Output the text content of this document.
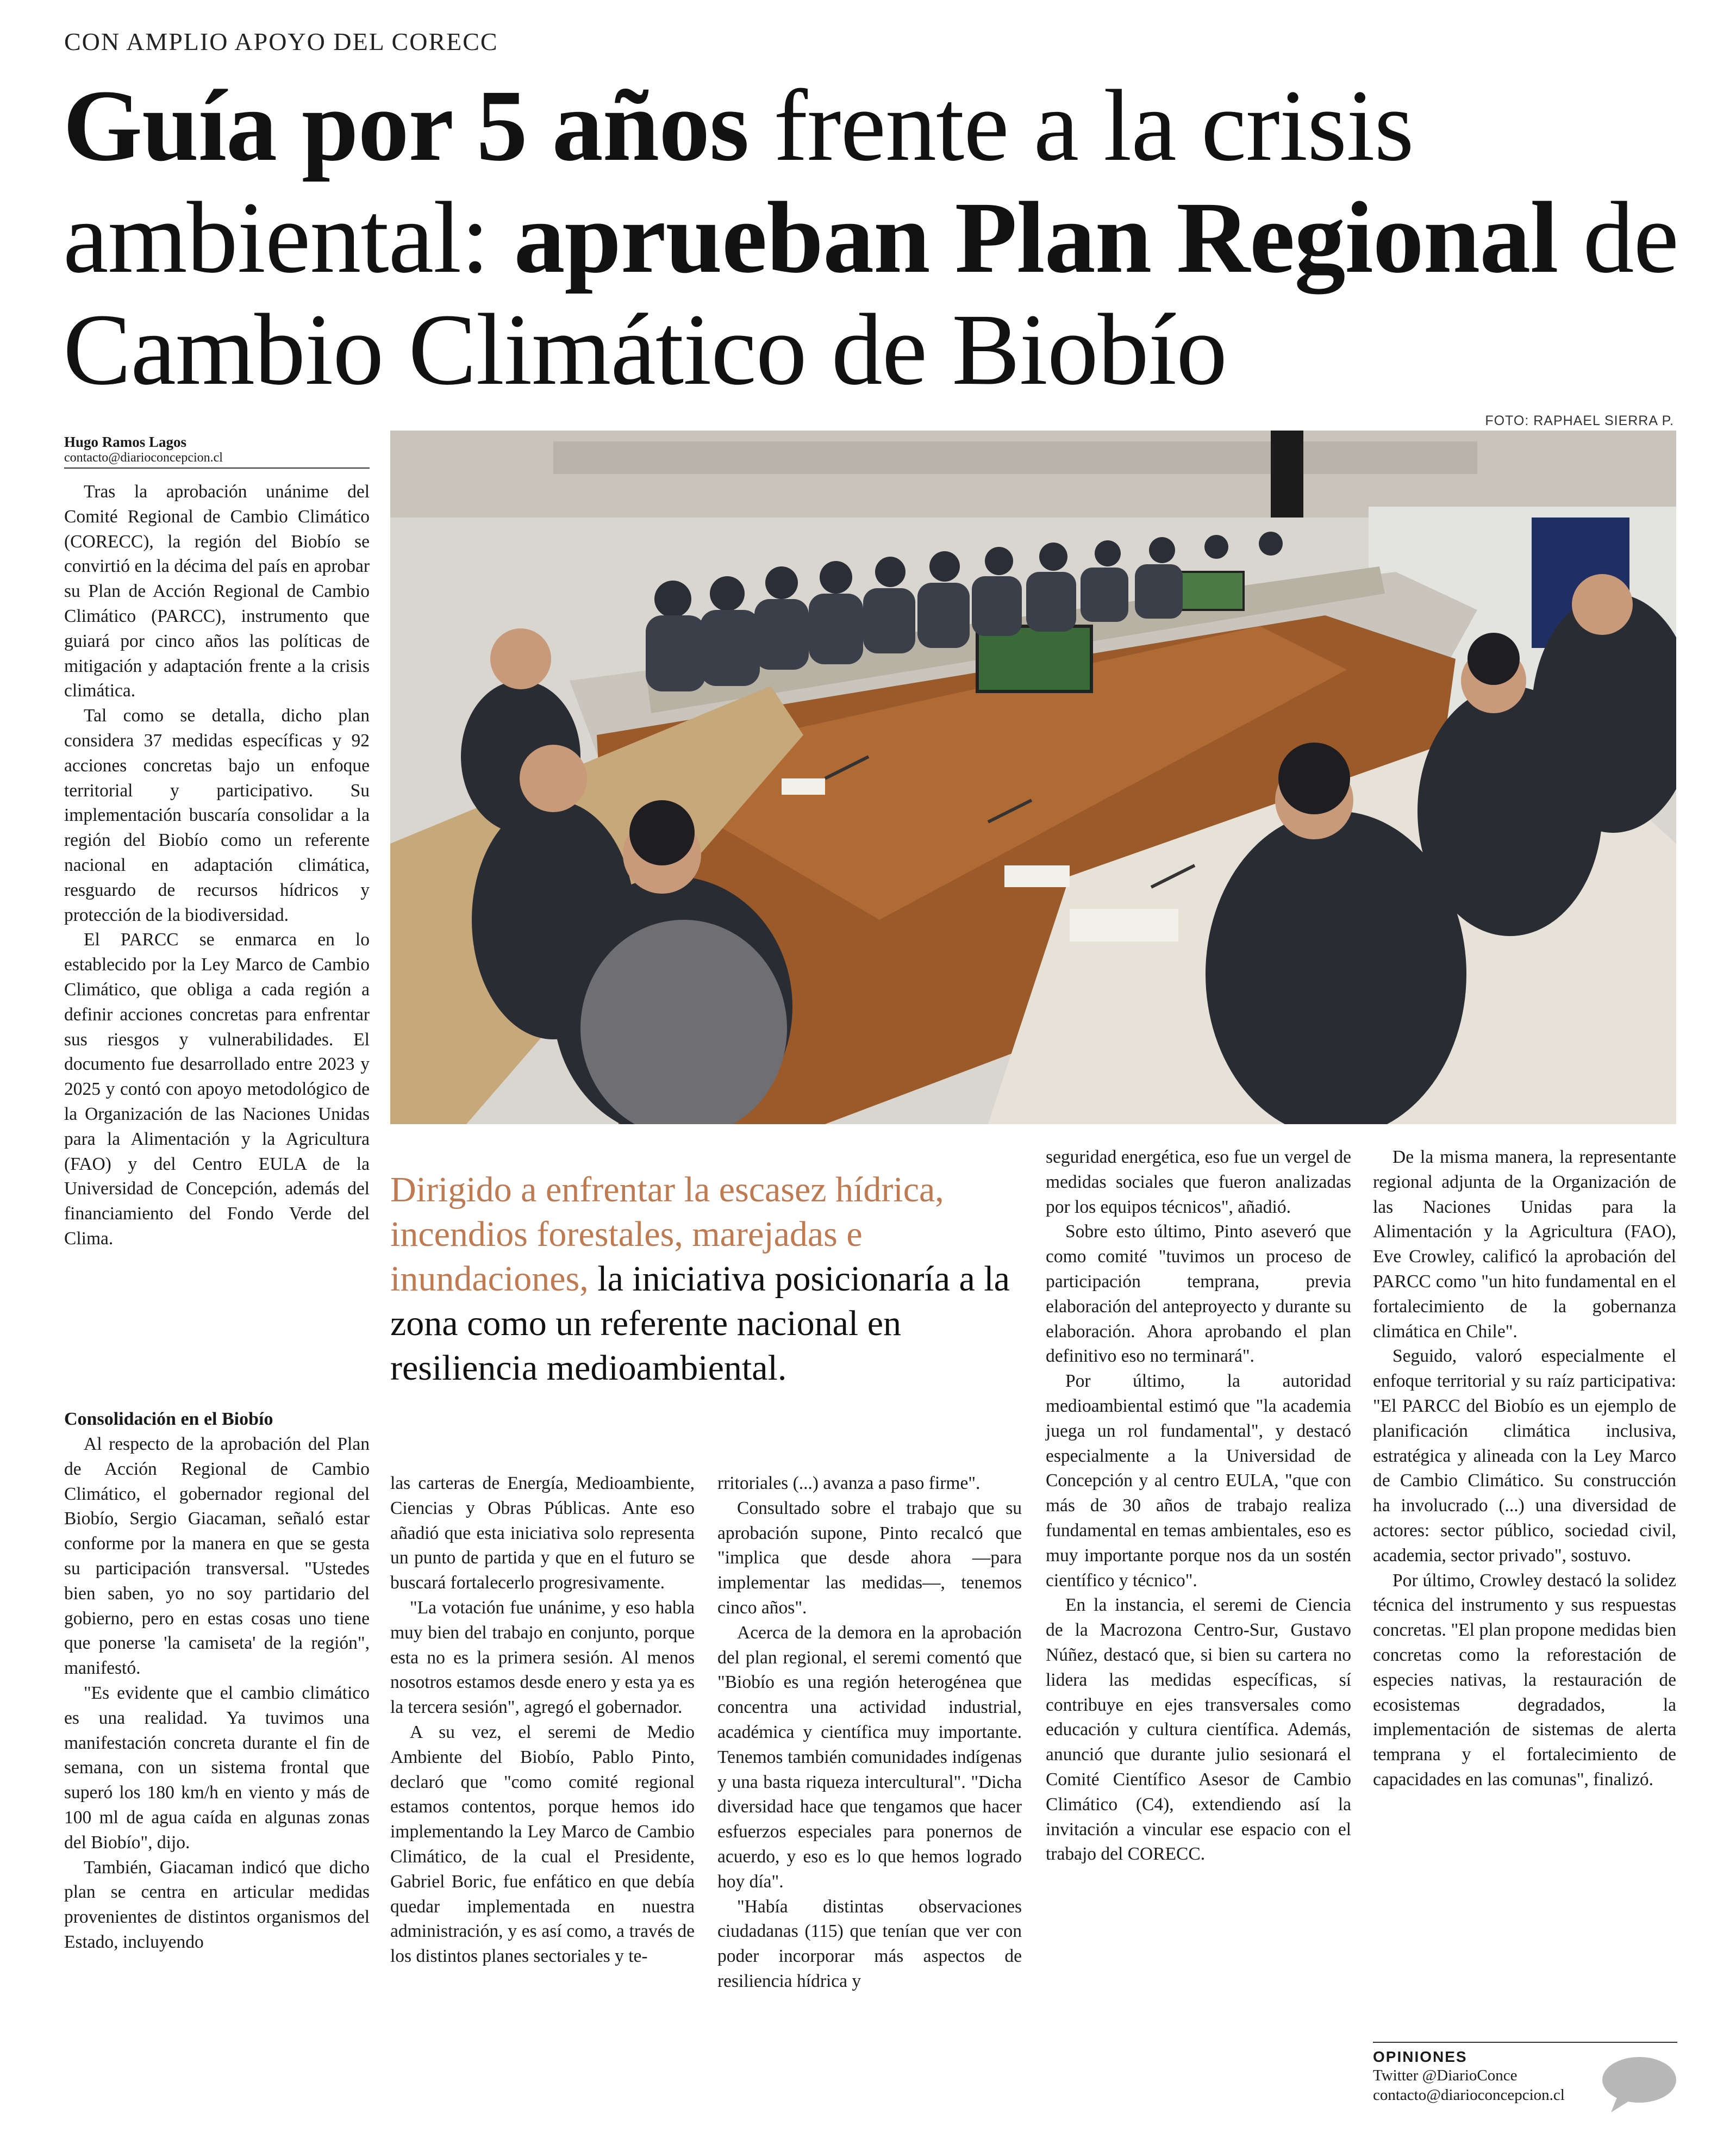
CON AMPLIO APOYO DEL CORECC
Guía por 5 años frente a la crisis ambiental: aprueban Plan Regional de Cambio Climático de Biobío
FOTO: RAPHAEL SIERRA P.
Hugo Ramos Lagos
contacto@diarioconcepcion.cl

Tras la aprobación unánime del Comité Regional de Cambio Climático (CORECC), la región del Biobío se convirtió en la décima del país en aprobar su Plan de Acción Regional de Cambio Climático (PARCC), instrumento que guiará por cinco años las políticas de mitigación y adaptación frente a la crisis climática.

Tal como se detalla, dicho plan considera 37 medidas específicas y 92 acciones concretas bajo un enfoque territorial y participativo. Su implementación buscaría consolidar a la región del Biobío como un referente nacional en adaptación climática, resguardo de recursos hídricos y protección de la biodiversidad.

El PARCC se enmarca en lo establecido por la Ley Marco de Cambio Climático, que obliga a cada región a definir acciones concretas para enfrentar sus riesgos y vulnerabilidades. El documento fue desarrollado entre 2023 y 2025 y contó con apoyo metodológico de la Organización de las Naciones Unidas para la Alimentación y la Agricultura (FAO) y del Centro EULA de la Universidad de Concepción, además del financiamiento del Fondo Verde del Clima.

Consolidación en el Biobío

Al respecto de la aprobación del Plan de Acción Regional de Cambio Climático, el gobernador regional del Biobío, Sergio Giacaman, señaló estar conforme por la manera en que se gesta su participación transversal. "Ustedes bien saben, yo no soy partidario del gobierno, pero en estas cosas uno tiene que ponerse 'la camiseta' de la región", manifestó.

"Es evidente que el cambio climático es una realidad. Ya tuvimos una manifestación concreta durante el fin de semana, con un sistema frontal que superó los 180 km/h en viento y más de 100 ml de agua caída en algunas zonas del Biobío", dijo.

También, Giacaman indicó que dicho plan se centra en articular medidas provenientes de distintos organismos del Estado, incluyendo

Dirigido a enfrentar la escasez hídrica, incendios forestales, marejadas e inundaciones, la iniciativa posicionaría a la zona como un referente nacional en resiliencia medioambiental.

las carteras de Energía, Medioambiente, Ciencias y Obras Públicas. Ante eso añadió que esta iniciativa solo representa un punto de partida y que en el futuro se buscará fortalecerlo progresivamente.

"La votación fue unánime, y eso habla muy bien del trabajo en conjunto, porque esta no es la primera sesión. Al menos nosotros estamos desde enero y esta ya es la tercera sesión", agregó el gobernador.

A su vez, el seremi de Medio Ambiente del Biobío, Pablo Pinto, declaró que "como comité regional estamos contentos, porque hemos ido implementando la Ley Marco de Cambio Climático, de la cual el Presidente, Gabriel Boric, fue enfático en que debía quedar implementada en nuestra administración, y es así como, a través de los distintos planes sectoriales y te-

rritoriales (...) avanza a paso firme".

Consultado sobre el trabajo que su aprobación supone, Pinto recalcó que "implica que desde ahora —para implementar las medidas—, tenemos cinco años".

Acerca de la demora en la aprobación del plan regional, el seremi comentó que "Biobío es una región heterogénea que concentra una actividad industrial, académica y científica muy importante. Tenemos también comunidades indígenas y una basta riqueza intercultural". "Dicha diversidad hace que tengamos que hacer esfuerzos especiales para ponernos de acuerdo, y eso es lo que hemos logrado hoy día".

"Había distintas observaciones ciudadanas (115) que tenían que ver con poder incorporar más aspectos de resiliencia hídrica y

seguridad energética, eso fue un vergel de medidas sociales que fueron analizadas por los equipos técnicos", añadió.

Sobre esto último, Pinto aseveró que como comité "tuvimos un proceso de participación temprana, previa elaboración del anteproyecto y durante su elaboración. Ahora aprobando el plan definitivo eso no terminará".

Por último, la autoridad medioambiental estimó que "la academia juega un rol fundamental", y destacó especialmente a la Universidad de Concepción y al centro EULA, "que con más de 30 años de trabajo realiza fundamental en temas ambientales, eso es muy importante porque nos da un sostén científico y técnico".

En la instancia, el seremi de Ciencia de la Macrozona Centro-Sur, Gustavo Núñez, destacó que, si bien su cartera no lidera las medidas específicas, sí contribuye en ejes transversales como educación y cultura científica. Además, anunció que durante julio sesionará el Comité Científico Asesor de Cambio Climático (C4), extendiendo así la invitación a vincular ese espacio con el trabajo del CORECC.

De la misma manera, la representante regional adjunta de la Organización de las Naciones Unidas para la Alimentación y la Agricultura (FAO), Eve Crowley, calificó la aprobación del PARCC como "un hito fundamental en el fortalecimiento de la gobernanza climática en Chile".

Seguido, valoró especialmente el enfoque territorial y su raíz participativa: "El PARCC del Biobío es un ejemplo de planificación climática inclusiva, estratégica y alineada con la Ley Marco de Cambio Climático. Su construcción ha involucrado (...) una diversidad de actores: sector público, sociedad civil, academia, sector privado", sostuvo.

Por último, Crowley destacó la solidez técnica del instrumento y sus respuestas concretas. "El plan propone medidas bien concretas como la reforestación de especies nativas, la restauración de ecosistemas degradados, la implementación de sistemas de alerta temprana y el fortalecimiento de capacidades en las comunas", finalizó.

OPINIONES
Twitter @DiarioConce
contacto@diarioconcepcion.cl
